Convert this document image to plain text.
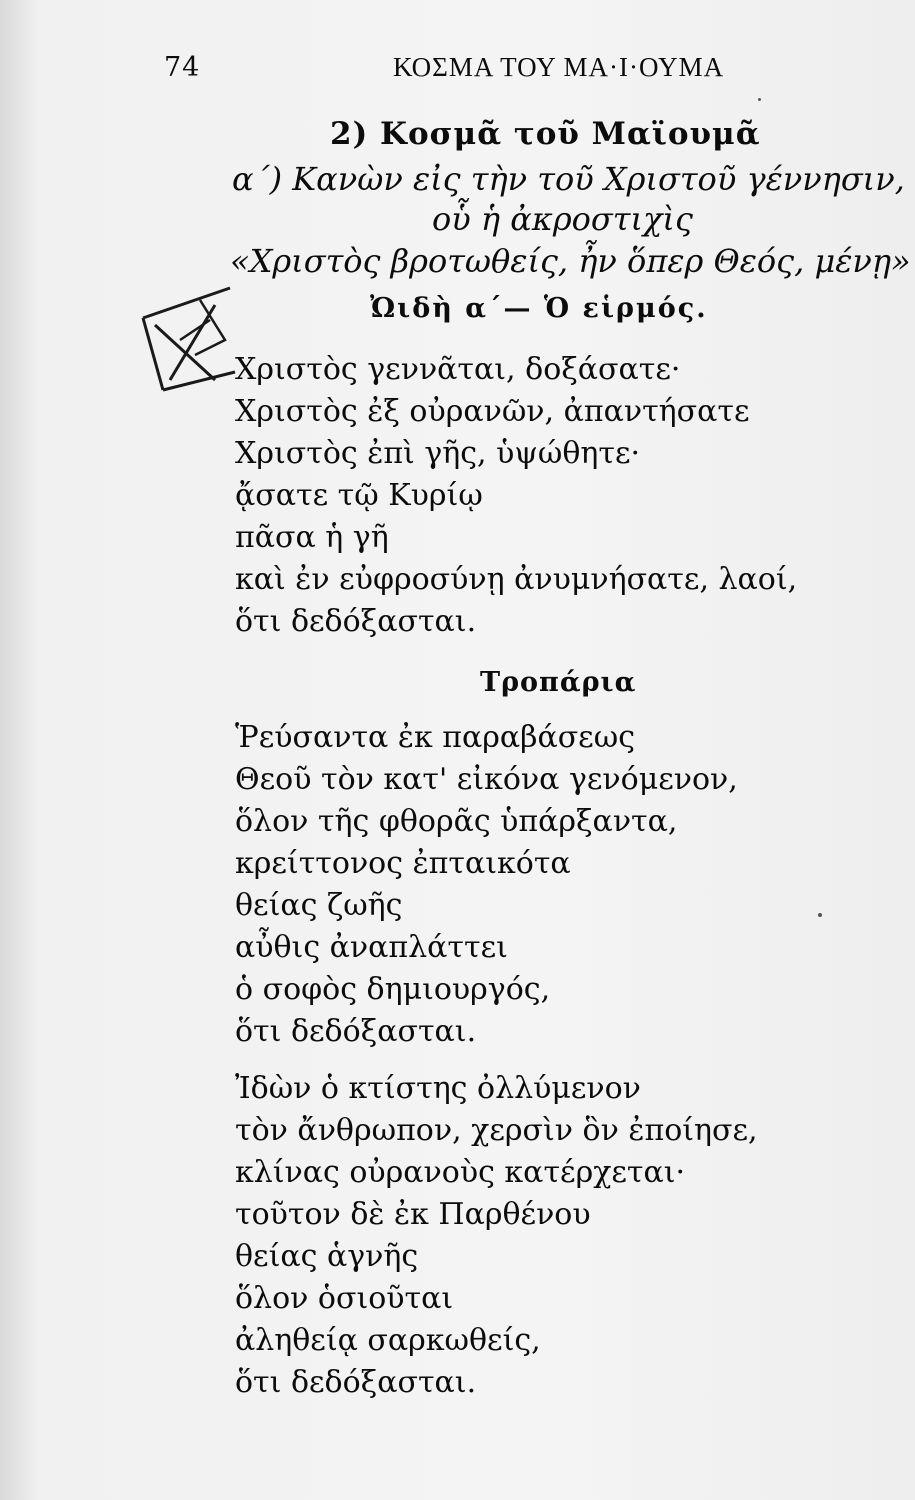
74	ΚΟΣΜΑ ΤΟΥ ΜΑ·Ι·ΟΥΜΑ
2) Κοσμᾶ τοῦ Μαϊουμᾶ
α΄) Κανὼν εἰς τὴν τοῦ Χριστοῦ γέννησιν,
οὗ ἡ ἀκροστιχὶς
«Χριστὸς βροτωθείς, ἦν ὅπερ Θεός, μένῃ»
Ὠιδὴ α΄— Ὁ εἱρμός.
Χριστὸς γεννᾶται, δοξάσατε·
Χριστὸς ἐξ οὐρανῶν, ἀπαντήσατε
Χριστὸς ἐπὶ γῆς, ὑψώθητε·
ᾄσατε τῷ Κυρίῳ
πᾶσα ἡ γῆ
καὶ ἐν εὐφροσύνῃ ἀνυμνήσατε, λαοί,
ὅτι δεδόξασται.
Τροπάρια
Ῥεύσαντα ἐκ παραβάσεως
Θεοῦ τὸν κατ' εἰκόνα γενόμενον,
ὅλον τῆς φθορᾶς ὑπάρξαντα,
κρείττονος ἐπταικότα
θείας ζωῆς
αὖθις ἀναπλάττει
ὁ σοφὸς δημιουργός,
ὅτι δεδόξασται.
Ἰδὼν ὁ κτίστης ὀλλύμενον
τὸν ἄνθρωπον, χερσὶν ὃν ἐποίησε,
κλίνας οὐρανοὺς κατέρχεται·
τοῦτον δὲ ἐκ Παρθένου
θείας ἁγνῆς
ὅλον ὁσιοῦται
ἀληθείᾳ σαρκωθείς,
ὅτι δεδόξασται.
